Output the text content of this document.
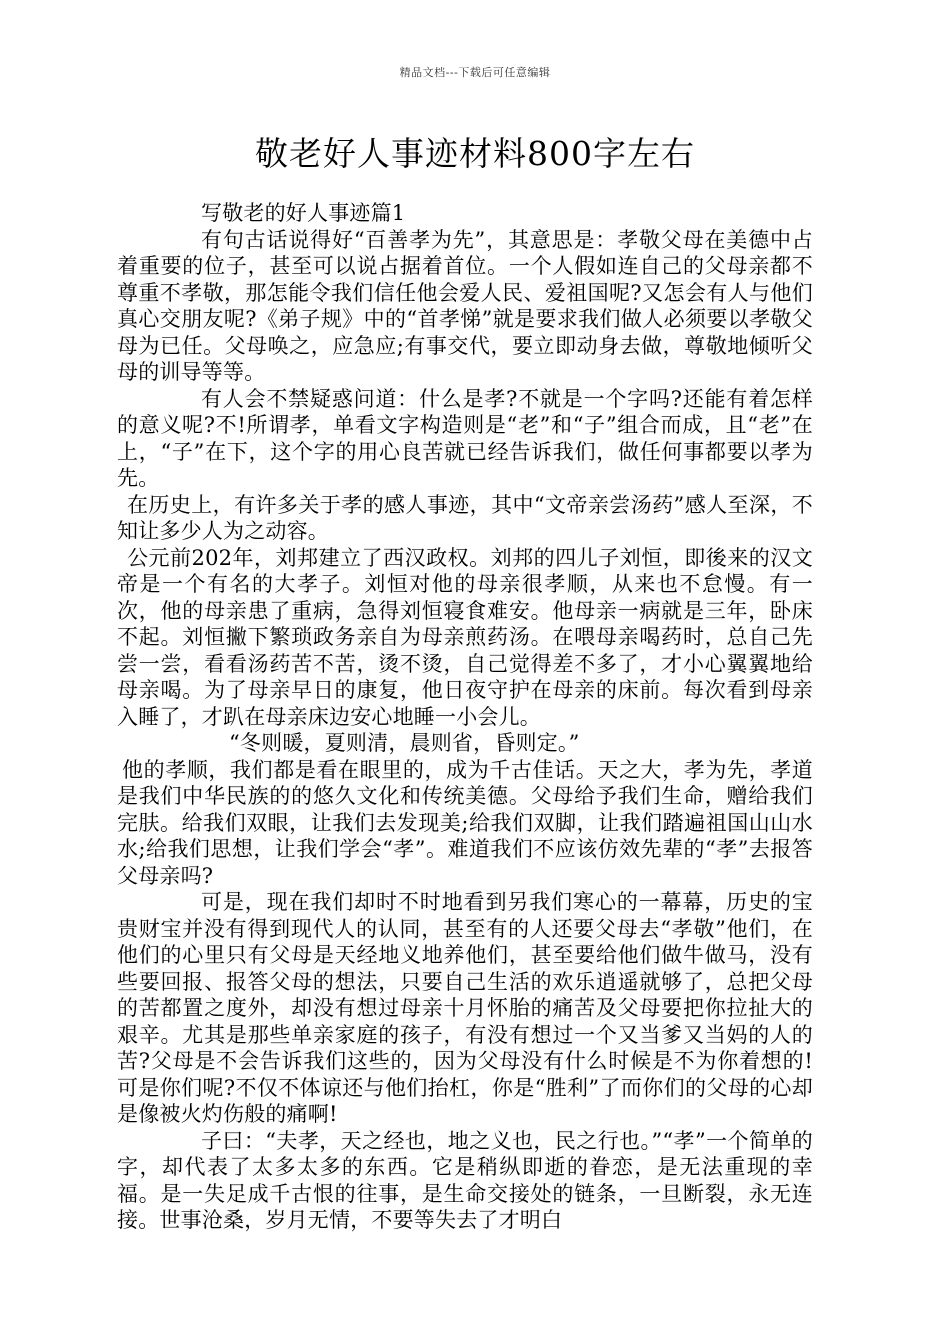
精品文档---下载后可任意编辑
敬老好人事迹材料800字左右

写敬老的好人事迹篇1

有句古话说得好“百善孝为先”，其意思是：孝敬父母在美德中占着重要的位子，甚至可以说占据着首位。一个人假如连自己的父母亲都不尊重不孝敬，那怎能令我们信任他会爱人民、爱祖国呢?又怎会有人与他们真心交朋友呢?《弟子规》中的“首孝悌”就是要求我们做人必须要以孝敬父母为已任。父母唤之，应急应;有事交代，要立即动身去做，尊敬地倾听父母的训导等等。

有人会不禁疑惑问道：什么是孝?不就是一个字吗?还能有着怎样的意义呢?不!所谓孝，单看文字构造则是“老”和“子”组合而成，且“老”在上，“子”在下，这个字的用心良苦就已经告诉我们，做任何事都要以孝为先。

在历史上，有许多关于孝的感人事迹，其中“文帝亲尝汤药”感人至深，不知让多少人为之动容。

公元前202年，刘邦建立了西汉政权。刘邦的四儿子刘恒，即後来的汉文帝是一个有名的大孝子。刘恒对他的母亲很孝顺，从来也不怠慢。有一次，他的母亲患了重病，急得刘恒寝食难安。他母亲一病就是三年，卧床不起。刘恒撇下繁琐政务亲自为母亲煎药汤。在喂母亲喝药时，总自己先尝一尝，看看汤药苦不苦，烫不烫，自己觉得差不多了，才小心翼翼地给母亲喝。为了母亲早日的康复，他日夜守护在母亲的床前。每次看到母亲入睡了，才趴在母亲床边安心地睡一小会儿。

“冬则暖，夏则清，晨则省，昏则定。”

他的孝顺，我们都是看在眼里的，成为千古佳话。天之大，孝为先，孝道是我们中华民族的的悠久文化和传统美德。父母给予我们生命，赠给我们完肤。给我们双眼，让我们去发现美;给我们双脚，让我们踏遍祖国山山水水;给我们思想，让我们学会“孝”。难道我们不应该仿效先辈的“孝”去报答父母亲吗?

可是，现在我们却时不时地看到另我们寒心的一幕幕，历史的宝贵财宝并没有得到现代人的认同，甚至有的人还要父母去“孝敬”他们，在他们的心里只有父母是天经地义地养他们，甚至要给他们做牛做马，没有些要回报、报答父母的想法，只要自己生活的欢乐逍遥就够了，总把父母的苦都置之度外，却没有想过母亲十月怀胎的痛苦及父母要把你拉扯大的艰辛。尤其是那些单亲家庭的孩子，有没有想过一个又当爹又当妈的人的苦?父母是不会告诉我们这些的，因为父母没有什么时候是不为你着想的!可是你们呢?不仅不体谅还与他们抬杠，你是“胜利”了而你们的父母的心却是像被火灼伤般的痛啊!

子曰：“夫孝，天之经也，地之义也，民之行也。”“孝”一个简单的字，却代表了太多太多的东西。它是稍纵即逝的眷恋，是无法重现的幸福。是一失足成千古恨的往事，是生命交接处的链条，一旦断裂，永无连接。世事沧桑，岁月无情，不要等失去了才明白
